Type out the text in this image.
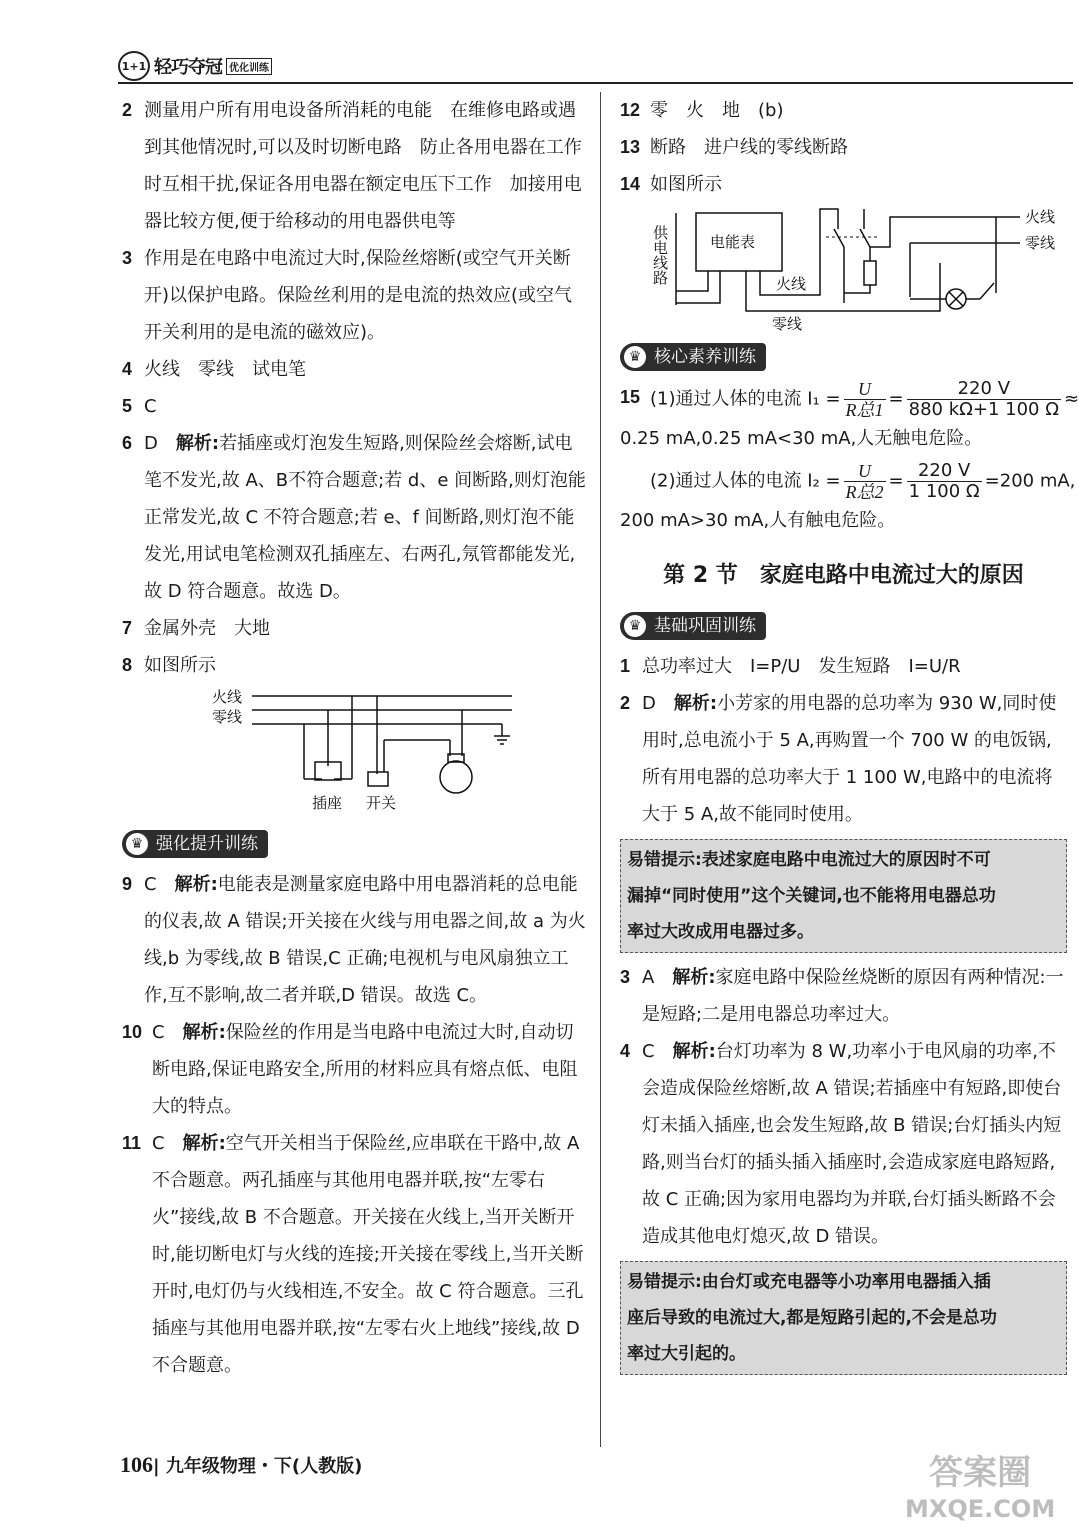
1+1 轻巧夺冠 优化训练
2 测量用户所有用电设备所消耗的电能　在维修电路或遇到其他情况时,可以及时切断电路　防止各用电器在工作时互相干扰,保证各用电器在额定电压下工作　加接用电器比较方便,便于给移动的用电器供电等

3 作用是在电路中电流过大时,保险丝熔断(或空气开关断开)以保护电路。保险丝利用的是电流的热效应(或空气开关利用的是电流的磁效应)。

4 火线　零线　试电笔

5 C

6 D　 解析:若插座或灯泡发生短路,则保险丝会熔断,试电笔不发光,故 A、B不符合题意;若 d、e 间断路,则灯泡能正常发光,故 C 不符合题意;若 e、f 间断路,则灯泡不能发光,用试电笔检测双孔插座左、右两孔,氖管都能发光,故 D 符合题意。故选 D。

7 金属外壳　大地

8 如图所示

火线
零线
插座 开关
♛ 强化提升训练
9 C　 解析:电能表是测量家庭电路中用电器消耗的总电能的仪表,故 A 错误;开关接在火线与用电器之间,故 a 为火线,b 为零线,故 B 错误,C 正确;电视机与电风扇独立工作,互不影响,故二者并联,D 错误。故选 C。

10 C　 解析:保险丝的作用是当电路中电流过大时,自动切断电路,保证电路安全,所用的材料应具有熔点低、电阻大的特点。

11 C　 解析:空气开关相当于保险丝,应串联在干路中,故 A 不合题意。两孔插座与其他用电器并联,按“左零右火”接线,故 B 不合题意。开关接在火线上,当开关断开时,能切断电灯与火线的连接;开关接在零线上,当开关断开时,电灯仍与火线相连,不安全。故 C 符合题意。三孔插座与其他用电器并联,按“左零右火上地线”接线,故 D 不合题意。

12 零　火　地　(b)

13 断路　进户线的零线断路

14 如图所示

供电线路	电能表
零线
火线
火线
零线
♛ 核心素养训练
15 (1)通过人体的电流 $I_1 = \frac{U}{\text{R总1}} = \frac{220 V}{880 k\Omega+1 100 \Omega}$ ≈

0.25 mA,0.25 mA<30 mA,人无触电危险。

(2)通过人体的电流 $I_2 = \frac{U}{\text{R总2}} = \frac{220 V}{1 100 \Omega} =200$ mA,

200 mA>30 mA,人有触电危险。

第 2 节　家庭电路中电流过大的原因
♛ 基础巩固训练
1 总功率过大　I=P/U　发生短路　I=U/R

2 D　 解析:小芳家的用电器的总功率为 930 W,同时使用时,总电流小于 5 A,再购置一个 700 W 的电饭锅,所有用电器的总功率大于 1 100 W,电路中的电流将大于 5 A,故不能同时使用。

易错提示:表述家庭电路中电流过大的原因时不可
漏掉“同时使用”这个关键词,也不能将用电器总功
率过大改成用电器过多。
3 A　 解析:家庭电路中保险丝烧断的原因有两种情况:一是短路;二是用电器总功率过大。

4 C　 解析:台灯功率为 8 W,功率小于电风扇的功率,不会造成保险丝熔断,故 A 错误;若插座中有短路,即使台灯未插入插座,也会发生短路,故 B 错误;台灯插头内短路,则当台灯的插头插入插座时,会造成家庭电路短路,故 C 正确;因为家用电器均为并联,台灯插头断路不会造成其他电灯熄灭,故 D 错误。

易错提示:由台灯或充电器等小功率用电器插入插
座后导致的电流过大,都是短路引起的,不会是总功
率过大引起的。
106| 九年级物理・下(人教版)	答案圈
MXQE.COM
